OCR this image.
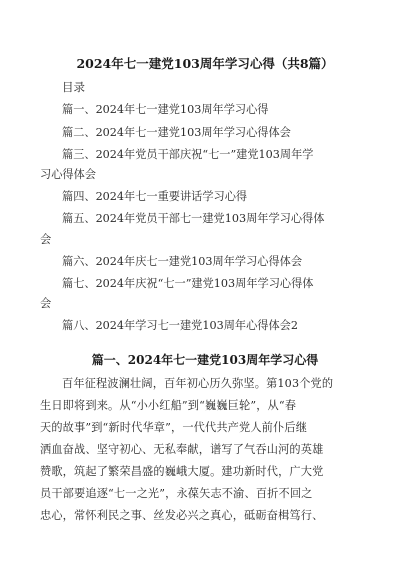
2024年七一建党103周年学习心得（共8篇）
目录
篇一、2024年七一建党103周年学习心得
篇二、2024年七一建党103周年学习心得体会
篇三、2024年党员干部庆祝“七一”建党103周年学
习心得体会
篇四、2024年七一重要讲话学习心得
篇五、2024年党员干部七一建党103周年学习心得体
会
篇六、2024年庆七一建党103周年学习心得体会
篇七、2024年庆祝“七一”建党103周年学习心得体
会
篇八、2024年学习七一建党103周年心得体会2
篇一、2024年七一建党103周年学习心得
百年征程波澜壮阔，百年初心历久弥坚。第103个党的
生日即将到来。从“小小红船”到“巍巍巨轮”，从“春
天的故事”到“新时代华章”，一代代共产党人前仆后继
洒血奋战、坚守初心、无私奉献，谱写了气吞山河的英雄
赞歌，筑起了繁荣昌盛的巍峨大厦。建功新时代，广大党
员干部要追逐“七一之光”，永葆矢志不渝、百折不回之
忠心，常怀利民之事、丝发必兴之真心，砥砺奋楫笃行、
